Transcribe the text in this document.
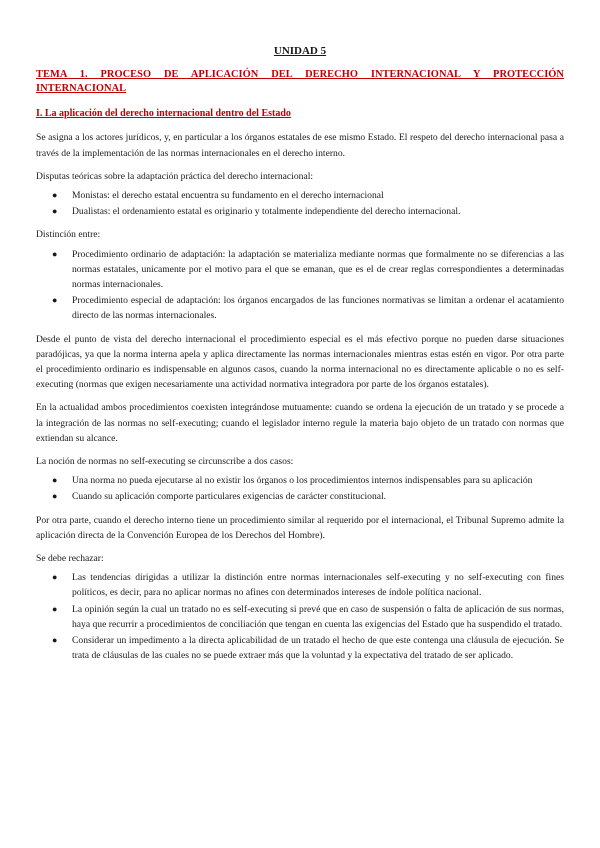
UNIDAD 5
TEMA 1. PROCESO DE APLICACIÓN DEL DERECHO INTERNACIONAL Y PROTECCIÓN INTERNACIONAL
I. La aplicación del derecho internacional dentro del Estado

Se asigna a los actores jurídicos, y, en particular a los órganos estatales de ese mismo Estado. El respeto del derecho internacional pasa a través de la implementación de las normas internacionales en el derecho interno.

Disputas teóricas sobre la adaptación práctica del derecho internacional:

● Monistas: el derecho estatal encuentra su fundamento en el derecho internacional
● Dualistas: el ordenamiento estatal es originario y totalmente independiente del derecho internacional.

Distinción entre:

● Procedimiento ordinario de adaptación: la adaptación se materializa mediante normas que formalmente no se diferencias a las normas estatales, unicamente por el motivo para el que se emanan, que es el de crear reglas correspondientes a determinadas normas internacionales.
● Procedimiento especial de adaptación: los órganos encargados de las funciones normativas se limitan a ordenar el acatamiento directo de las normas internacionales.

Desde el punto de vista del derecho internacional el procedimiento especial es el más efectivo porque no pueden darse situaciones paradójicas, ya que la norma interna apela y aplica directamente las normas internacionales mientras estas estén en vigor. Por otra parte el procedimiento ordinario es indispensable en algunos casos, cuando la norma internacional no es directamente aplicable o no es self-executing (normas que exigen necesariamente una actividad normativa integradora por parte de los órganos estatales).

En la actualidad ambos procedimientos coexisten integrándose mutuamente: cuando se ordena la ejecución de un tratado y se procede a la integración de las normas no self-executing; cuando el legislador interno regule la materia bajo objeto de un tratado con normas que extiendan su alcance.

La noción de normas no self-executing se circunscribe a dos casos:

● Una norma no pueda ejecutarse al no existir los órganos o los procedimientos internos indispensables para su aplicación
● Cuando su aplicación comporte particulares exigencias de carácter constitucional.

Por otra parte, cuando el derecho interno tiene un procedimiento similar al requerido por el internacional, el Tribunal Supremo admite la aplicación directa de la Convención Europea de los Derechos del Hombre).

Se debe rechazar:

● Las tendencias dirigidas a utilizar la distinción entre normas internacionales self-executing y no self-executing con fines políticos, es decir, para no aplicar normas no afines con determinados intereses de índole política nacional.
● La opinión según la cual un tratado no es self-executing si prevé que en caso de suspensión o falta de aplicación de sus normas, haya que recurrir a procedimientos de conciliación que tengan en cuenta las exigencias del Estado que ha suspendido el tratado.
● Considerar un impedimento a la directa aplicabilidad de un tratado el hecho de que este contenga una cláusula de ejecución. Se trata de cláusulas de las cuales no se puede extraer más que la voluntad y la expectativa del tratado de ser aplicado.
